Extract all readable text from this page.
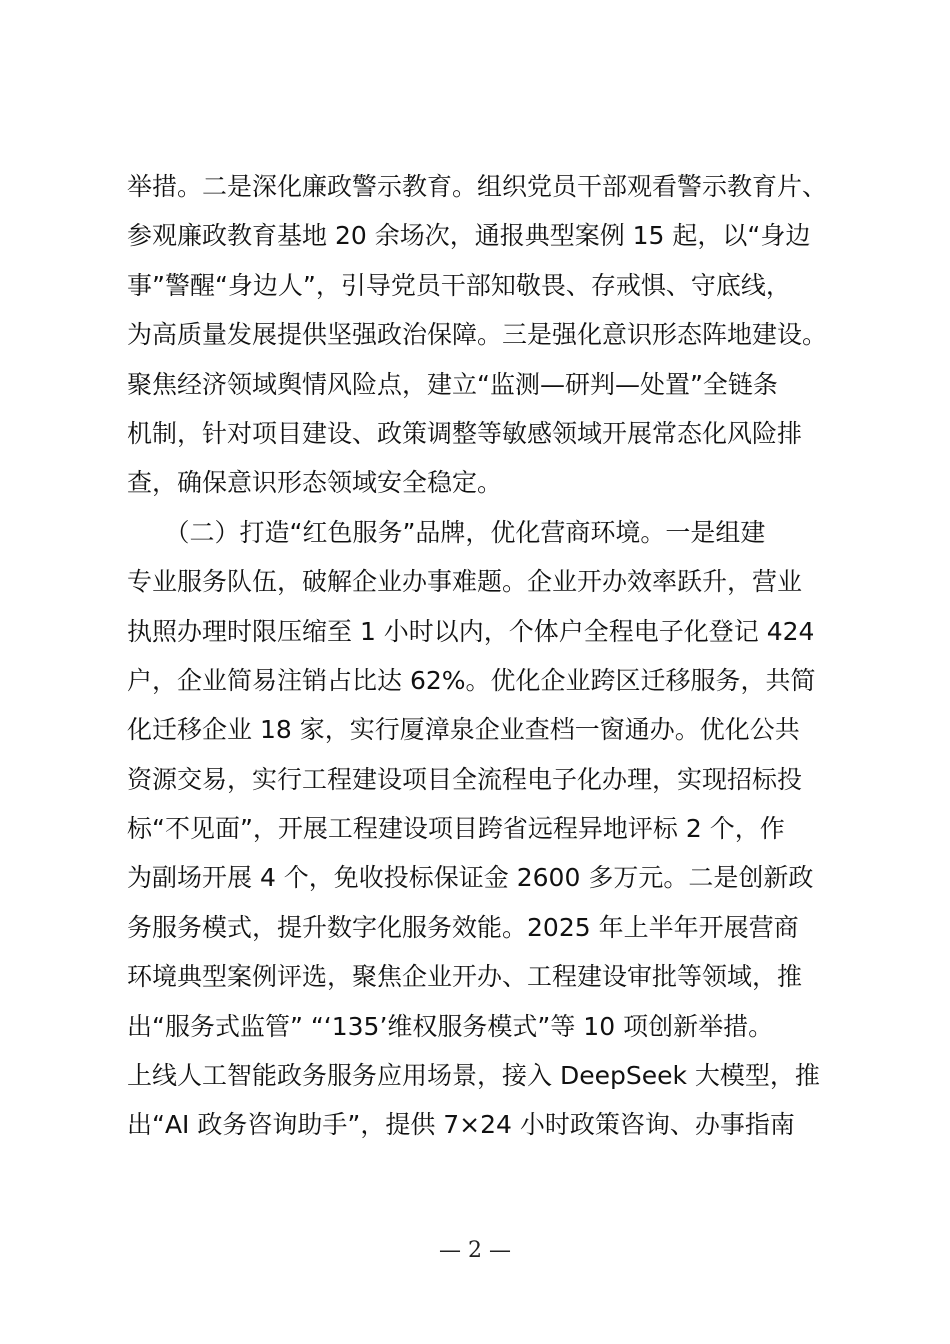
举措。二是深化廉政警示教育。组织党员干部观看警示教育片、
参观廉政教育基地 20 余场次，通报典型案例 15 起，以“身边
事”警醒“身边人”，引导党员干部知敬畏、存戒惧、守底线，
为高质量发展提供坚强政治保障。三是强化意识形态阵地建设。
聚焦经济领域舆情风险点，建立“监测—研判—处置”全链条
机制，针对项目建设、政策调整等敏感领域开展常态化风险排
查，确保意识形态领域安全稳定。
　　（二）打造“红色服务”品牌，优化营商环境。一是组建
专业服务队伍，破解企业办事难题。企业开办效率跃升，营业
执照办理时限压缩至 1 小时以内，个体户全程电子化登记 424
户，企业简易注销占比达 62%。优化企业跨区迁移服务，共简
化迁移企业 18 家，实行厦漳泉企业查档一窗通办。优化公共
资源交易，实行工程建设项目全流程电子化办理，实现招标投
标“不见面”，开展工程建设项目跨省远程异地评标 2 个，作
为副场开展 4 个，免收投标保证金 2600 多万元。二是创新政
务服务模式，提升数字化服务效能。2025 年上半年开展营商
环境典型案例评选，聚焦企业开办、工程建设审批等领域，推
出“服务式监管” “‘135’维权服务模式”等 10 项创新举措。
上线人工智能政务服务应用场景，接入 DeepSeek 大模型，推
出“AI 政务咨询助手”，提供 7×24 小时政策咨询、办事指南
— 2 —
